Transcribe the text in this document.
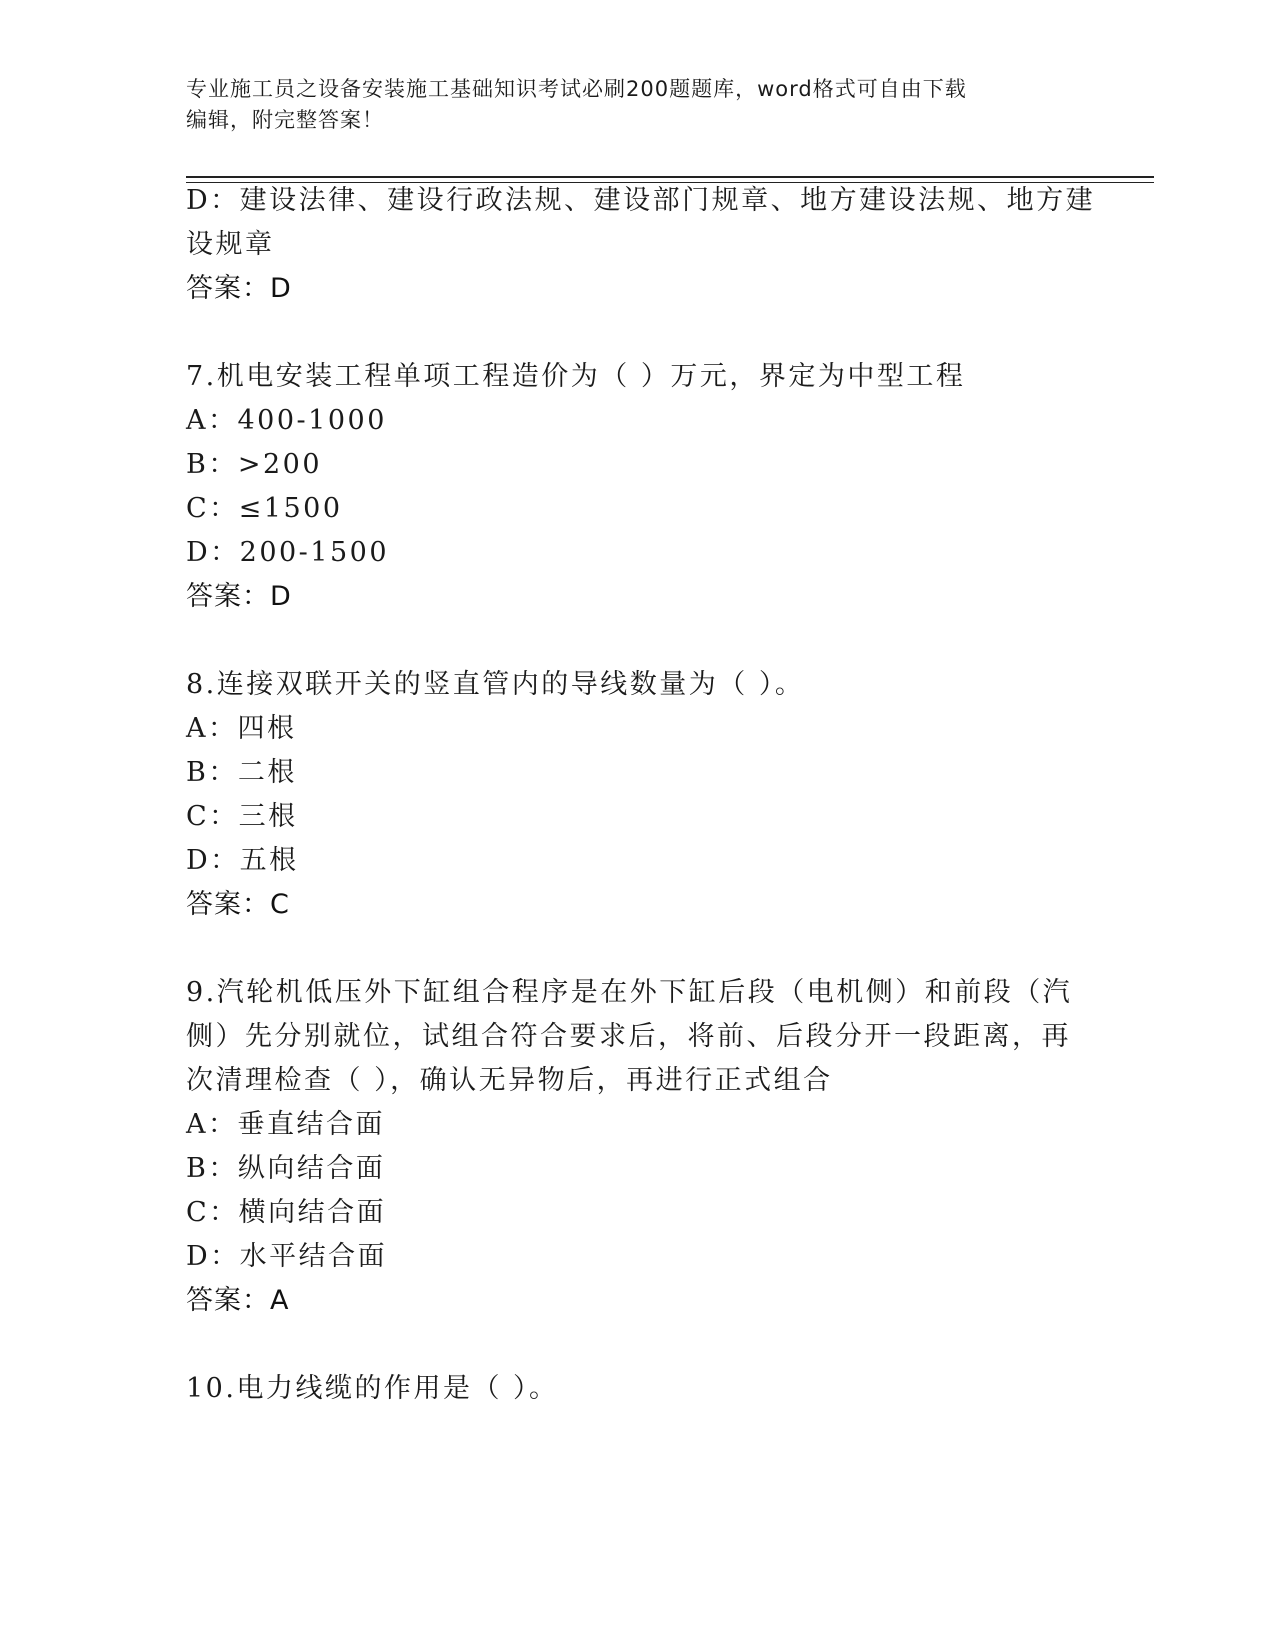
专业施工员之设备安装施工基础知识考试必刷200题题库，word格式可自由下载
编辑，附完整答案！
D：建设法律、建设行政法规、建设部门规章、地方建设法规、地方建
设规章
答案：D
7.机电安装工程单项工程造价为（ ）万元，界定为中型工程
A：400-1000
B：>200
C：≤1500
D：200-1500
答案：D
8.连接双联开关的竖直管内的导线数量为（ ）。
A：四根
B：二根
C：三根
D：五根
答案：C
9.汽轮机低压外下缸组合程序是在外下缸后段（电机侧）和前段（汽
侧）先分别就位，试组合符合要求后，将前、后段分开一段距离，再
次清理检查（ ），确认无异物后，再进行正式组合
A：垂直结合面
B：纵向结合面
C：横向结合面
D：水平结合面
答案：A
10.电力线缆的作用是（ ）。
